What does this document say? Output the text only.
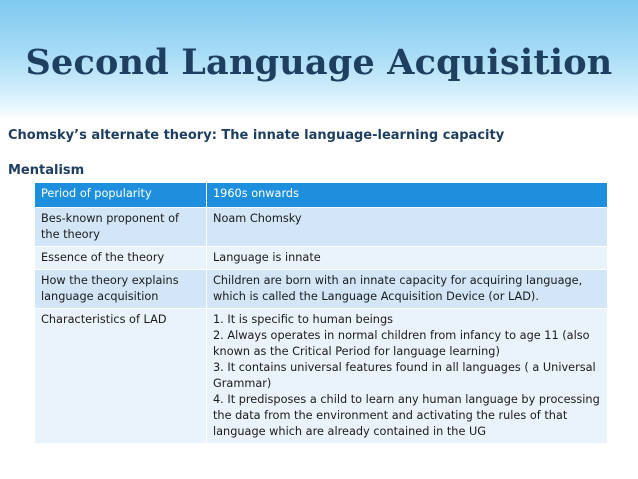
Second Language Acquisition
Chomsky’s alternate theory: The innate language-learning capacity
Mentalism
Period of popularity	1960s onwards
Bes-known proponent of the theory	Noam Chomsky
Essence of the theory	Language is innate
How the theory explains language acquisition	Children are born with an innate capacity for acquiring language, which is called the Language Acquisition Device (or LAD).
Characteristics of LAD	1. It is specific to human beings
2. Always operates in normal children from infancy to age 11 (also known as the Critical Period for language learning)
3. It contains universal features found in all languages ( a Universal Grammar)
4. It predisposes a child to learn any human language by processing the data from the environment and activating the rules of that language which are already contained in the UG
